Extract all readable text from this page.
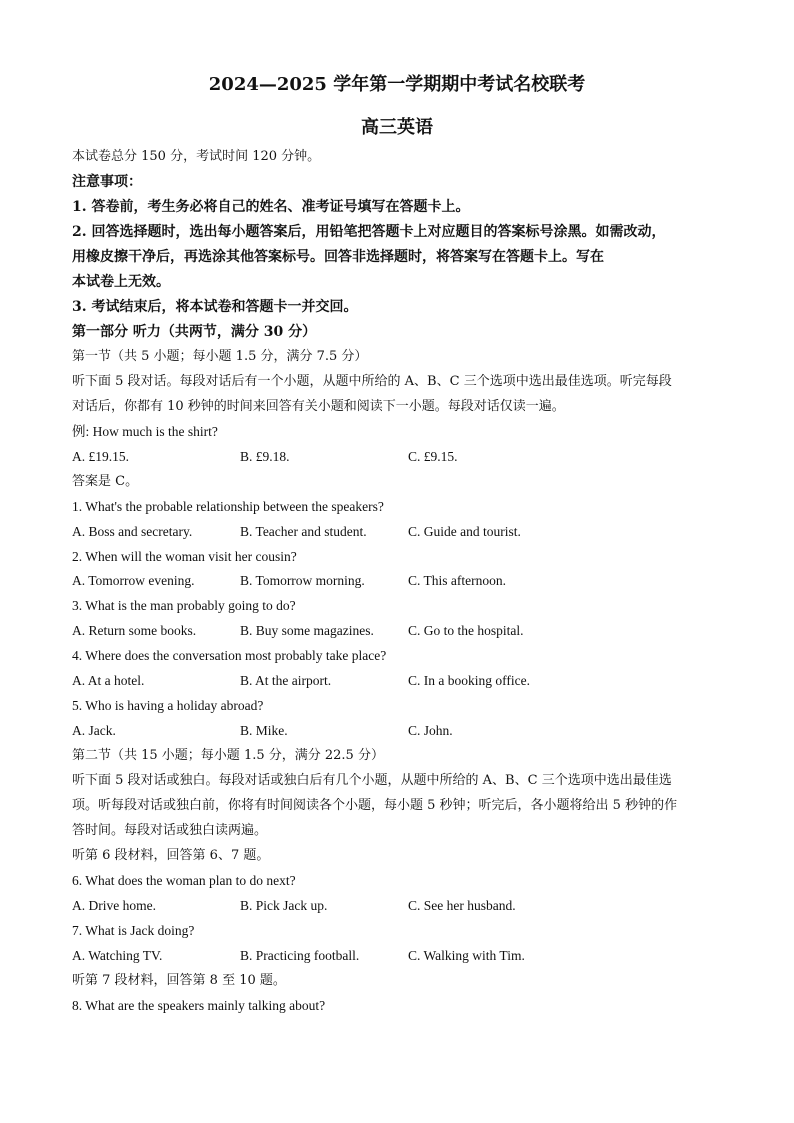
2024—2025 学年第一学期期中考试名校联考
高三英语
本试卷总分 150 分，考试时间 120 分钟。
注意事项：
1. 答卷前，考生务必将自己的姓名、准考证号填写在答题卡上。
2. 回答选择题时，选出每小题答案后，用铅笔把答题卡上对应题目的答案标号涂黑。如需改动，
用橡皮擦干净后，再选涂其他答案标号。回答非选择题时，将答案写在答题卡上。写在
本试卷上无效。
3. 考试结束后，将本试卷和答题卡一并交回。
第一部分 听力（共两节，满分 30 分）
第一节（共 5 小题；每小题 1.5 分，满分 7.5 分）
听下面 5 段对话。每段对话后有一个小题，从题中所给的 A、B、C 三个选项中选出最佳选项。听完每段
对话后，你都有 10 秒钟的时间来回答有关小题和阅读下一小题。每段对话仅读一遍。
例: How much is the shirt?
A. £19.15.	B. £9.18.	C. £9.15.
答案是 C。
1. What's the probable relationship between the speakers?
A. Boss and secretary.	B. Teacher and student.	C. Guide and tourist.
2. When will the woman visit her cousin?
A. Tomorrow evening.	B. Tomorrow morning.	C. This afternoon.
3. What is the man probably going to do?
A. Return some books.	B. Buy some magazines.	C. Go to the hospital.
4. Where does the conversation most probably take place?
A. At a hotel.	B. At the airport.	C. In a booking office.
5. Who is having a holiday abroad?
A. Jack.	B. Mike.	C. John.
第二节（共 15 小题；每小题 1.5 分，满分 22.5 分）
听下面 5 段对话或独白。每段对话或独白后有几个小题，从题中所给的 A、B、C 三个选项中选出最佳选
项。听每段对话或独白前，你将有时间阅读各个小题，每小题 5 秒钟；听完后，各小题将给出 5 秒钟的作
答时间。每段对话或独白读两遍。
听第 6 段材料，回答第 6、7 题。
6. What does the woman plan to do next?
A. Drive home.	B. Pick Jack up.	C. See her husband.
7. What is Jack doing?
A. Watching TV.	B. Practicing football.	C. Walking with Tim.
听第 7 段材料，回答第 8 至 10 题。
8. What are the speakers mainly talking about?
